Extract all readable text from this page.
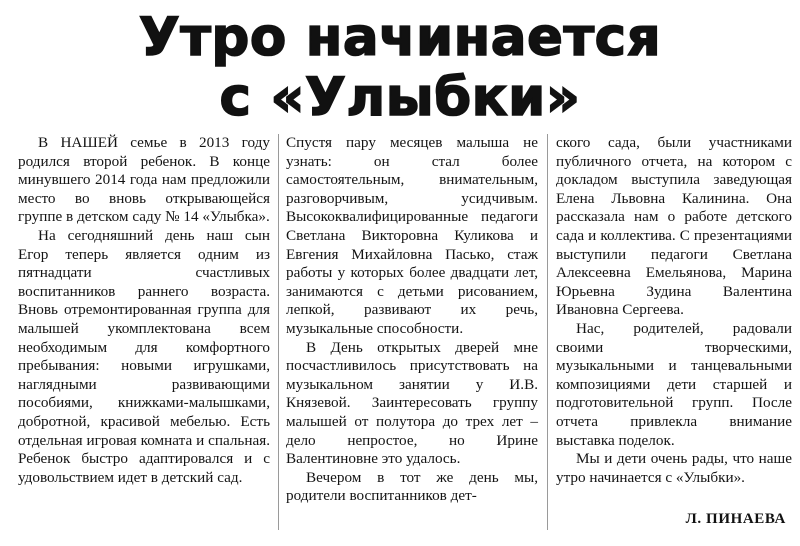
Утро начинается
с «Улыбки»

В НАШЕЙ семье в 2013 году родился второй ребенок. В конце минувшего 2014 года нам предложили место во вновь открывающейся группе в детском саду № 14 «Улыбка».

На сегодняшний день наш сын Егор теперь является одним из пятнадцати счастливых воспитанников раннего возраста. Вновь отремонтированная группа для малышей укомплектована всем необходимым для комфортного пребывания: новыми игрушками, наглядными развивающими пособиями, книжками-малышками, добротной, красивой мебелью. Есть отдельная игровая комната и спальная. Ребенок быстро адаптировался и с удовольствием идет в детский сад.

Спустя пару месяцев малыша не узнать: он стал более самостоятельным, внимательным, разговорчивым, усидчивым. Высококвалифицированные педагоги Светлана Викторовна Куликова и Евгения Михайловна Пасько, стаж работы у которых более двадцати лет, занимаются с детьми рисованием, лепкой, развивают их речь, музыкальные способности.

В День открытых дверей мне посчастливилось присутствовать на музыкальном занятии у И.В. Князевой. Заинтересовать группу малышей от полутора до трех лет – дело непростое, но Ирине Валентиновне это удалось.

Вечером в тот же день мы, родители воспитанников дет-

ского сада, были участниками публичного отчета, на котором с докладом выступила заведующая Елена Львовна Калинина. Она рассказала нам о работе детского сада и коллектива. С презентациями выступили педагоги Светлана Алексеевна Емельянова, Марина Юрьевна Зудина Валентина Ивановна Сергеева.

Нас, родителей, радовали своими творческими, музыкальными и танцевальными композициями дети старшей и подготовительной групп. После отчета привлекла внимание выставка поделок.

Мы и дети очень рады, что наше утро начинается с «Улыбки».

Л. ПИНАЕВА
